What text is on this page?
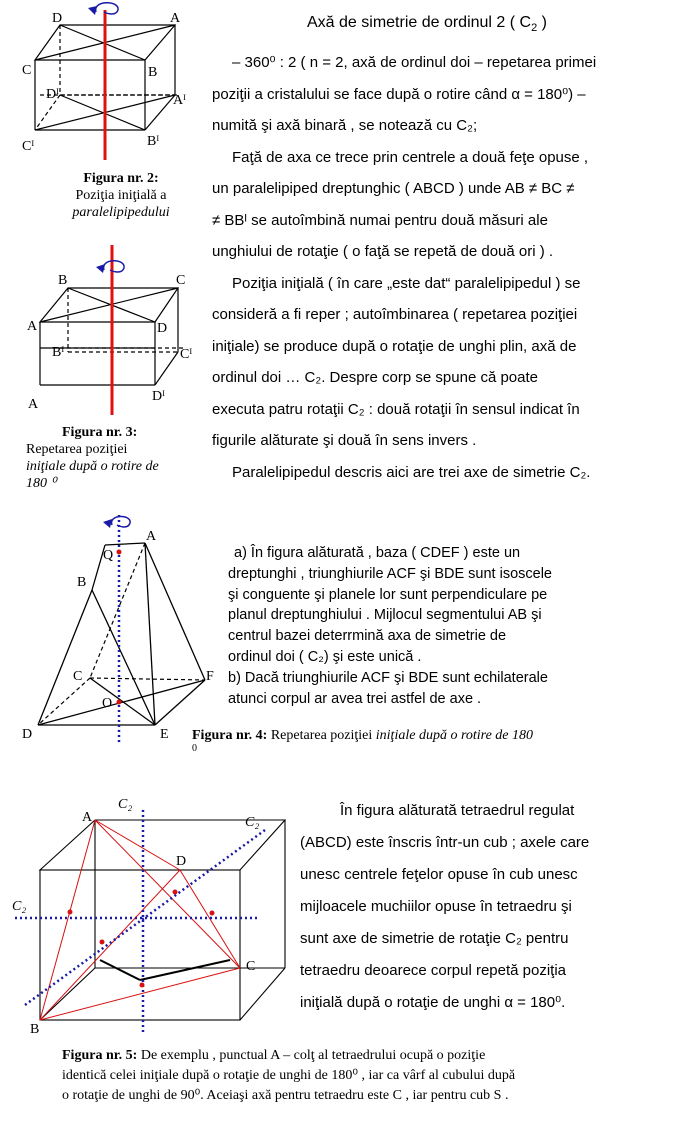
Axă de simetrie de ordinul 2 ( $C_2$ )
– 360⁰ : 2 ( n = 2, axă de ordinul doi – repetarea primei
poziţii a cristalului se face după o rotire când α = 180⁰) –
numită şi axă binară , se notează cu C₂;
Faţă de axa ce trece prin centrele a două feţe opuse ,
un paralelipiped dreptunghic ( ABCD ) unde AB ≠ BC ≠
≠ BBᴵ se autoîmbină numai pentru două măsuri ale
unghiului de rotaţie ( o faţă se repetă de două ori ) .
Poziţia iniţială ( în care „este dat“ paralelipipedul ) se
consideră a fi reper ; autoîmbinarea ( repetarea poziţiei
iniţiale) se produce după o rotaţie de unghi plin, axă de
ordinul doi … C₂. Despre corp se spune că poate
executa patru rotaţii C₂ : două rotaţii în sensul indicat în
figurile alăturate şi două în sens invers .
Paralelipipedul descris aici are trei axe de simetrie C₂.
D	A
C	B
Dᴵ	Aᴵ
Cᴵ	Bᴵ
Figura nr. 2:
Poziţia iniţială a
paralelipipedului
B	C
A	D
Bᴵ	Cᴵ
A
Dᴵ
Figura nr. 3:
Repetarea poziţiei
iniţiale după o rotire de
180 ⁰
Q
A
B
C	F
O
D	E
a) În figura alăturată , baza ( CDEF ) este un
dreptunghi , triunghiurile ACF şi BDE sunt isoscele
şi conguente şi planele lor sunt perpendiculare pe
planul dreptunghiului . Mijlocul segmentului AB şi
centrul bazei deterrmină axa de simetrie de
ordinul doi ( C₂) şi este unică .
b) Dacă triunghiurile ACF şi BDE sunt echilaterale
atunci corpul ar avea trei astfel de axe .
Figura nr. 4: Repetarea poziţiei iniţiale după o rotire de 180
0
C₂
C₂
A
D
C₂
C
B
În figura alăturată tetraedrul regulat
(ABCD) este înscris într-un cub ; axele care
unesc centrele feţelor opuse în cub unesc
mijloacele muchiilor opuse în tetraedru şi
sunt axe de simetrie de rotaţie C₂ pentru
tetraedru deoarece corpul repetă poziţia
iniţială după o rotaţie de unghi α = 180⁰.
Figura nr. 5: De exemplu , punctual A – colţ al tetraedrului ocupă o poziţie
identică celei iniţiale după o rotaţie de unghi de 180⁰ , iar ca vârf al cubului după
o rotaţie de unghi de 90⁰. Aceiaşi axă pentru tetraedru este C , iar pentru cub S .
